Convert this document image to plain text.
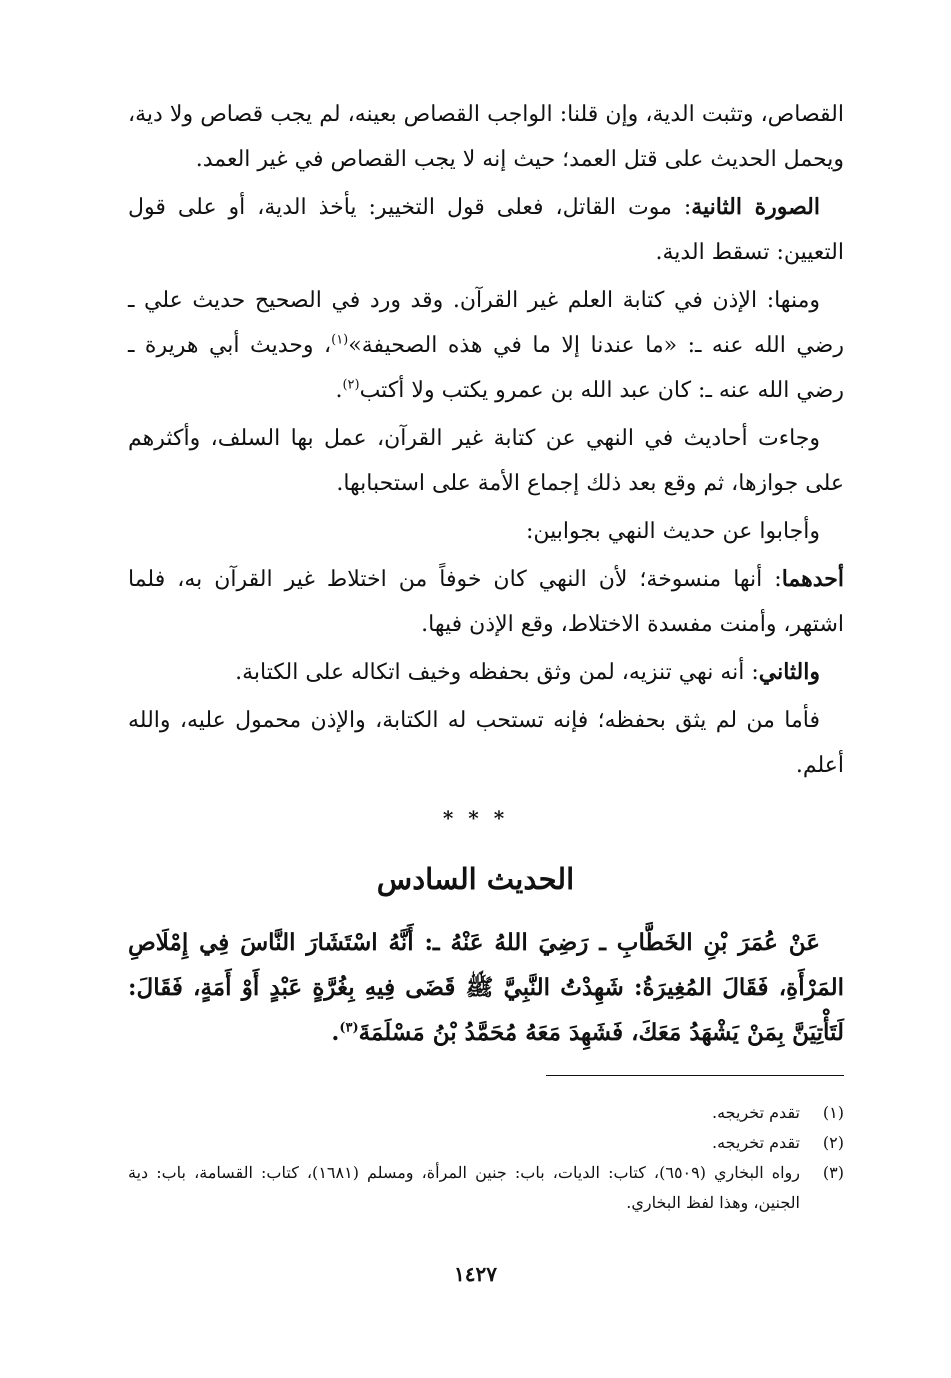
القصاص، وتثبت الدية، وإن قلنا: الواجب القصاص بعينه، لم يجب قصاص ولا دية، ويحمل الحديث على قتل العمد؛ حيث إنه لا يجب القصاص في غير العمد.

الصورة الثانية: موت القاتل، فعلى قول التخيير: يأخذ الدية، أو على قول التعيين: تسقط الدية.

ومنها: الإذن في كتابة العلم غير القرآن. وقد ورد في الصحيح حديث علي ـ رضي الله عنه ـ: «ما عندنا إلا ما في هذه الصحيفة»$^{(١)}$، وحديث أبي هريرة ـ رضي الله عنه ـ: كان عبد الله بن عمرو يكتب ولا أكتب$^{(٢)}$.

وجاءت أحاديث في النهي عن كتابة غير القرآن، عمل بها السلف، وأكثرهم على جوازها، ثم وقع بعد ذلك إجماع الأمة على استحبابها.

وأجابوا عن حديث النهي بجوابين:

أحدهما: أنها منسوخة؛ لأن النهي كان خوفاً من اختلاط غير القرآن به، فلما اشتهر، وأمنت مفسدة الاختلاط، وقع الإذن فيها.

والثاني: أنه نهي تنزيه، لمن وثق بحفظه وخيف اتكاله على الكتابة.

فأما من لم يثق بحفظه؛ فإنه تستحب له الكتابة، والإذن محمول عليه، والله أعلم.

* * *
الحديث السادس

عَنْ عُمَرَ بْنِ الخَطَّابِ ـ رَضِيَ اللهُ عَنْهُ ـ: أَنَّهُ اسْتَشَارَ النَّاسَ فِي إِمْلَاصِ المَرْأَةِ، فَقَالَ المُغِيرَةُ: شَهِدْتُ النَّبِيَّ ﷺ قَضَى فِيهِ بِغُرَّةٍ عَبْدٍ أَوْ أَمَةٍ، فَقَالَ: لَتَأْتِيَنَّ بِمَنْ يَشْهَدُ مَعَكَ، فَشَهِدَ مَعَهُ مُحَمَّدُ بْنُ مَسْلَمَةَ$^{(٣)}$.

(١)
تقدم تخريجه.
(٢)
تقدم تخريجه.
(٣)
رواه البخاري (٦٥٠٩)، كتاب: الديات، باب: جنين المرأة، ومسلم (١٦٨١)، كتاب: القسامة، باب: دية الجنين، وهذا لفظ البخاري.
١٤٢٧
